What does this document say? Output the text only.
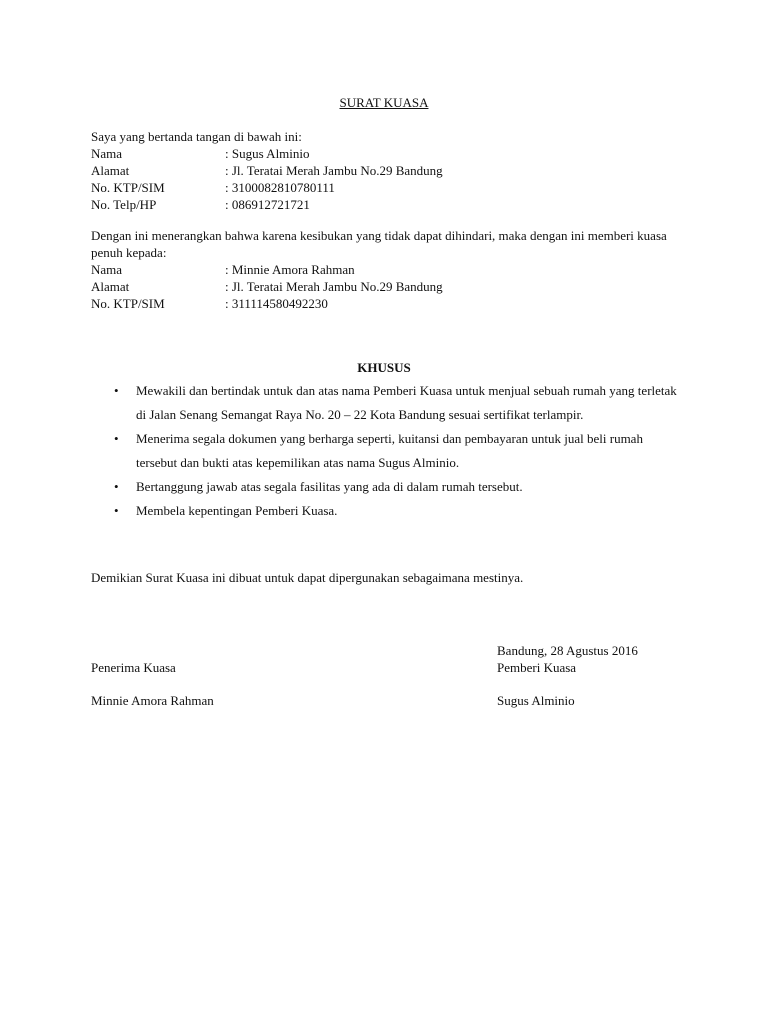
SURAT KUASA
Saya yang bertanda tangan di bawah ini:
Nama	: Sugus Alminio
Alamat	: Jl. Teratai Merah Jambu No.29 Bandung
No. KTP/SIM	: 3100082810780111
No. Telp/HP	: 086912721721
Dengan ini menerangkan bahwa karena kesibukan yang tidak dapat dihindari, maka dengan ini memberi kuasa penuh kepada:
Nama	: Minnie Amora Rahman
Alamat	: Jl. Teratai Merah Jambu No.29 Bandung
No. KTP/SIM	: 311114580492230
KHUSUS
• Mewakili dan bertindak untuk dan atas nama Pemberi Kuasa untuk menjual sebuah rumah yang terletak di Jalan Senang Semangat Raya No. 20 – 22 Kota Bandung sesuai sertifikat terlampir.
• Menerima segala dokumen yang berharga seperti, kuitansi dan pembayaran untuk jual beli rumah tersebut dan bukti atas kepemilikan atas nama Sugus Alminio.
• Bertanggung jawab atas segala fasilitas yang ada di dalam rumah tersebut.
• Membela kepentingan Pemberi Kuasa.
Demikian Surat Kuasa ini dibuat untuk dapat dipergunakan sebagaimana mestinya.
Penerima Kuasa
Minnie Amora Rahman
Bandung, 28 Agustus 2016
Pemberi Kuasa
Sugus Alminio
